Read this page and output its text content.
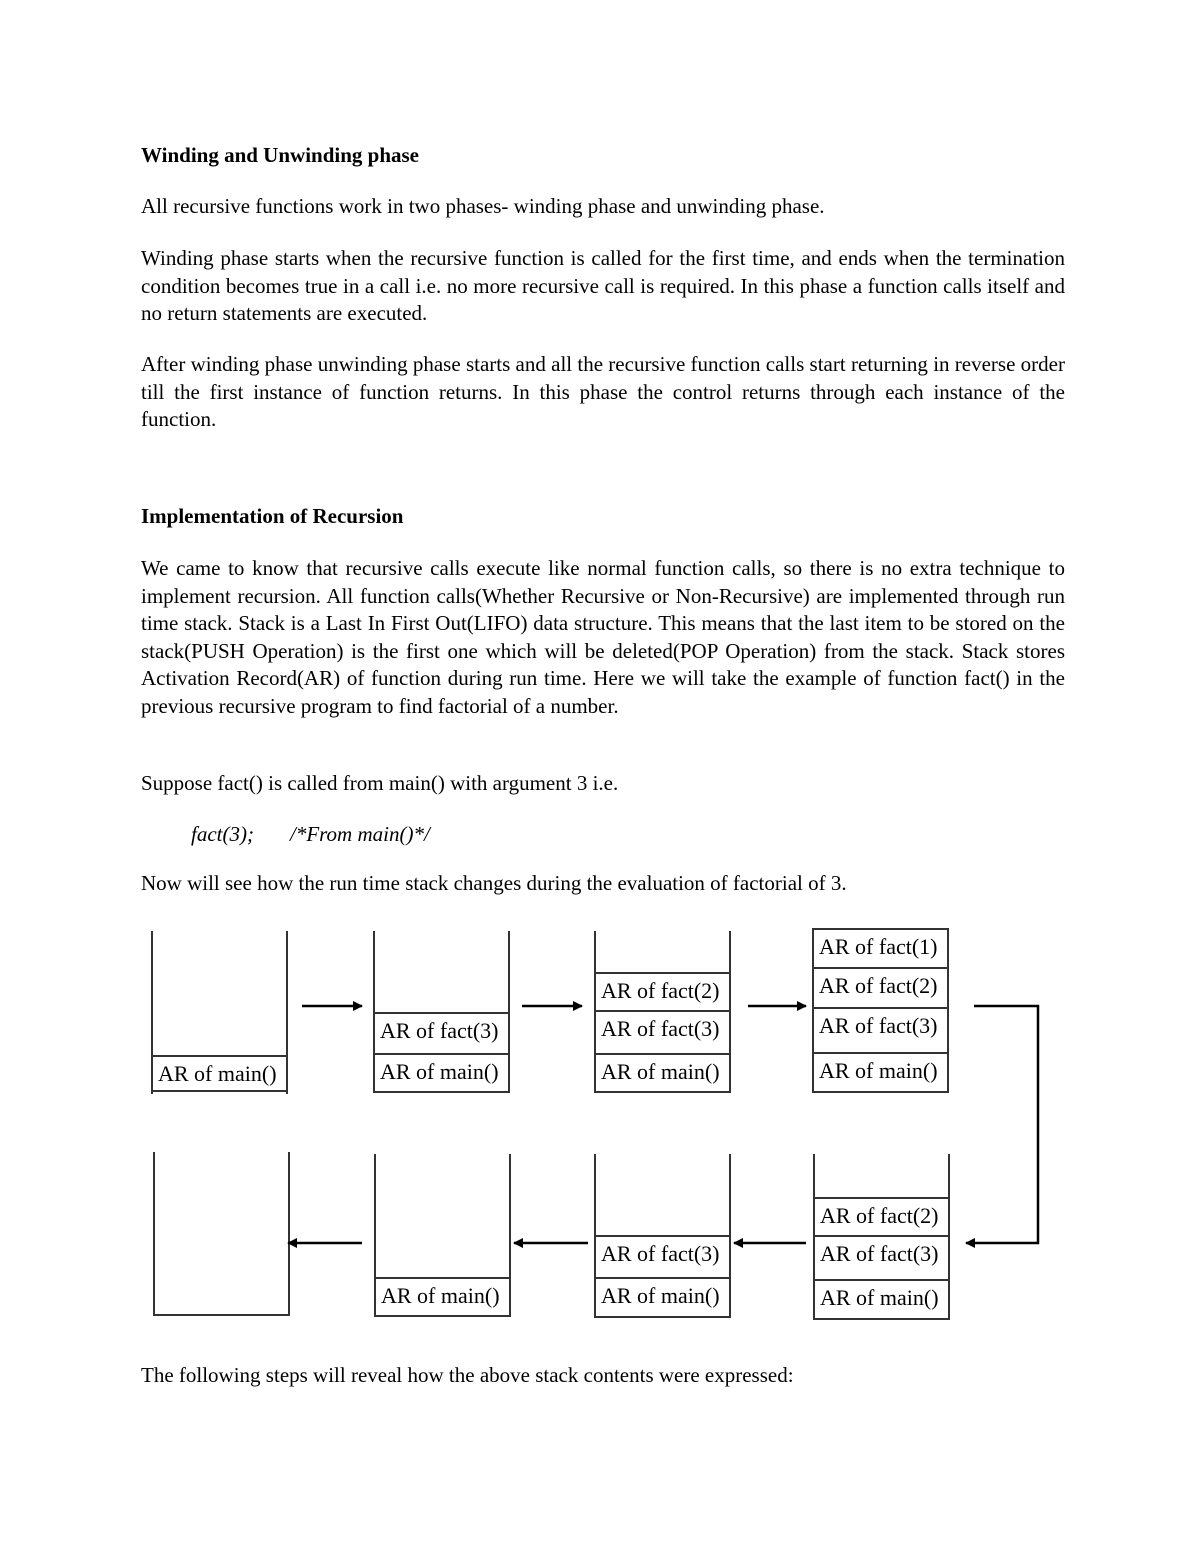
Winding and Unwinding phase

All recursive functions work in two phases- winding phase and unwinding phase.

Winding phase starts when the recursive function is called for the first time, and ends when the termination condition becomes true in a call i.e. no more recursive call is required. In this phase a function calls itself and no return statements are executed.

After winding phase unwinding phase starts and all the recursive function calls start returning in reverse order till the first instance of function returns. In this phase the control returns through each instance of the function.

Implementation of Recursion

We came to know that recursive calls execute like normal function calls, so there is no extra technique to implement recursion. All function calls(Whether Recursive or Non-Recursive) are implemented through run time stack. Stack is a Last In First Out(LIFO) data structure. This means that the last item to be stored on the stack(PUSH Operation) is the first one which will be deleted(POP Operation) from the stack. Stack stores Activation Record(AR) of function during run time. Here we will take the example of function fact() in the previous recursive program to find factorial of a number.

Suppose fact() is called from main() with argument 3 i.e.

fact(3); /*From main()*/

Now will see how the run time stack changes during the evaluation of factorial of 3.

AR of main()
AR of fact(3)
AR of main()
AR of fact(2)
AR of fact(3)
AR of main()
AR of fact(1)
AR of fact(2)
AR of fact(3)
AR of main()
AR of main()
AR of fact(3)
AR of main()
AR of fact(2)
AR of fact(3)
AR of main()

The following steps will reveal how the above stack contents were expressed:
